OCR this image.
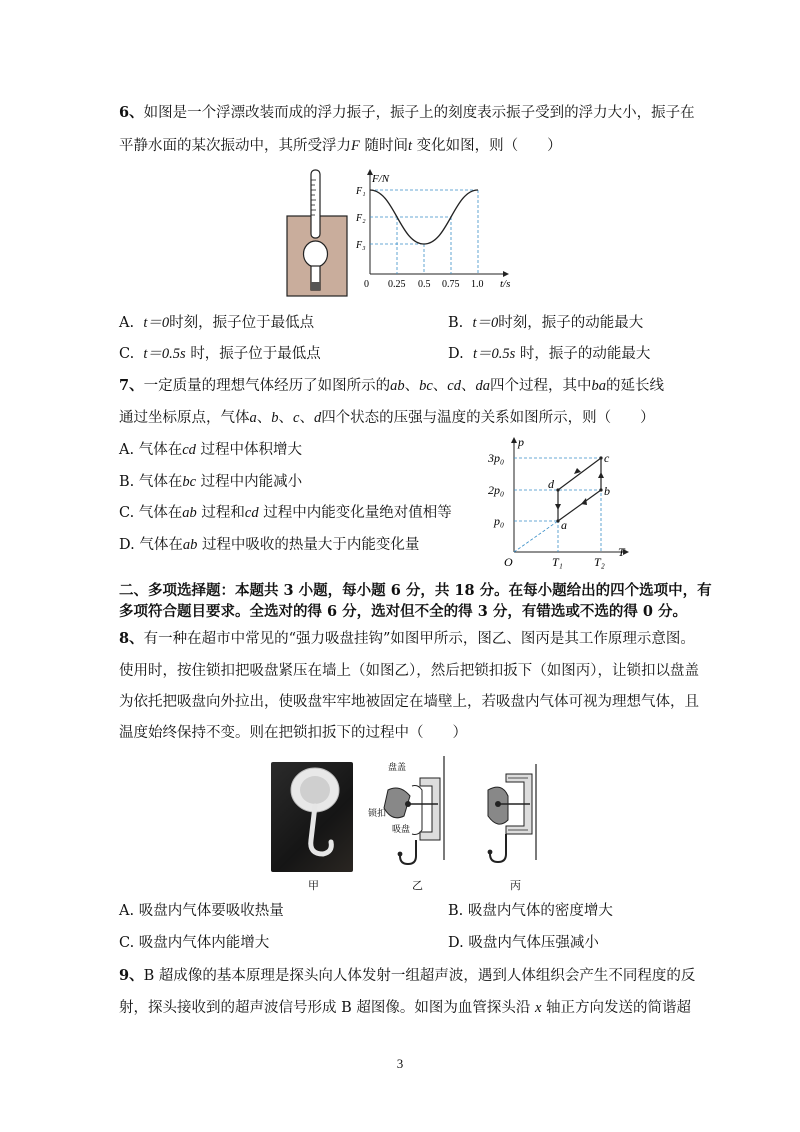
6、如图是一个浮漂改装而成的浮力振子，振子上的刻度表示振子受到的浮力大小，振子在
平静水面的某次振动中，其所受浮力F 随时间t 变化如图，则（　　）
F/N
t/s
F₁
F₂
F₃
0 0.25 0.5 0.75 1.0
A. t＝0时刻，振子位于最低点	B. t＝0时刻，振子的动能最大
C. t＝0.5s 时，振子位于最低点	D. t＝0.5s 时，振子的动能最大
7、一定质量的理想气体经历了如图所示的ab、bc、cd、da四个过程，其中ba的延长线
通过坐标原点，气体a、b、c、d四个状态的压强与温度的关系如图所示，则（　　）
A. 气体在cd 过程中体积增大
B. 气体在bc 过程中内能减小
C. 气体在ab 过程和cd 过程中内能变化量绝对值相等
D. 气体在ab 过程中吸收的热量大于内能变化量
p
T
O
3p₀
2p₀
p₀
T₁	T₂
a
b
c
d
二、多项选择题：本题共 3 小题，每小题 6 分，共 18 分。在每小题给出的四个选项中，有
多项符合题目要求。全选对的得 6 分，选对但不全的得 3 分，有错选或不选的得 0 分。
8、有一种在超市中常见的“强力吸盘挂钩”如图甲所示，图乙、图丙是其工作原理示意图。
使用时，按住锁扣把吸盘紧压在墙上（如图乙），然后把锁扣扳下（如图丙），让锁扣以盘盖
为依托把吸盘向外拉出，使吸盘牢牢地被固定在墙壁上，若吸盘内气体可视为理想气体，且
温度始终保持不变。则在把锁扣扳下的过程中（　　）
盘盖
锁扣
吸盘
甲	乙	丙
A. 吸盘内气体要吸收热量	B. 吸盘内气体的密度增大
C. 吸盘内气体内能增大	D. 吸盘内气体压强减小
9、B 超成像的基本原理是探头向人体发射一组超声波，遇到人体组织会产生不同程度的反
射，探头接收到的超声波信号形成 B 超图像。如图为血管探头沿 x 轴正方向发送的简谐超
3
